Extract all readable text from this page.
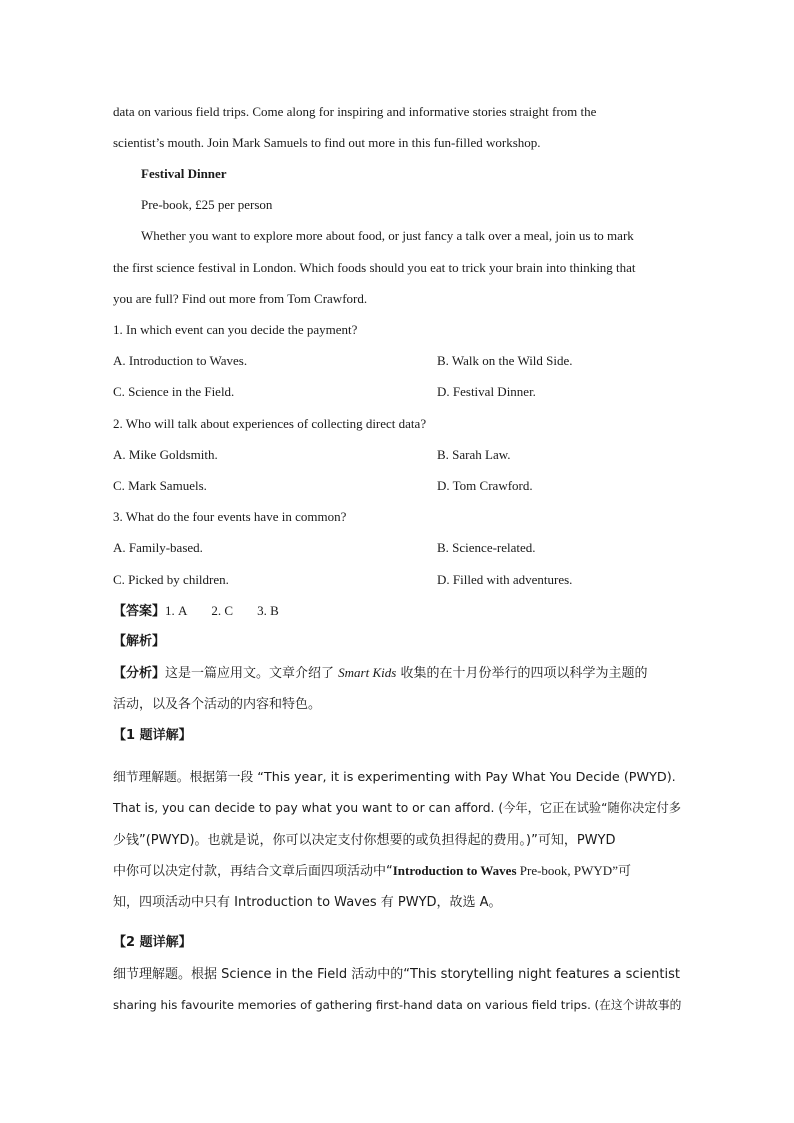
data on various field trips. Come along for inspiring and informative stories straight from the
scientist’s mouth. Join Mark Samuels to find out more in this fun-filled workshop.
Festival Dinner
Pre-book, £25 per person
Whether you want to explore more about food, or just fancy a talk over a meal, join us to mark
the first science festival in London. Which foods should you eat to trick your brain into thinking that
you are full? Find out more from Tom Crawford.
1. In which event can you decide the payment?
A. Introduction to Waves.	B. Walk on the Wild Side.
C. Science in the Field.	D. Festival Dinner.
2. Who will talk about experiences of collecting direct data?
A. Mike Goldsmith.	B. Sarah Law.
C. Mark Samuels.	D. Tom Crawford.
3. What do the four events have in common?
A. Family-based.	B. Science-related.
C. Picked by children.	D. Filled with adventures.
【答案】1. A 2. C 3. B
【解析】
【分析】这是一篇应用文。文章介绍了 Smart Kids 收集的在十月份举行的四项以科学为主题的
活动，以及各个活动的内容和特色。
【1 题详解】
细节理解题。根据第一段 “This year, it is experimenting with Pay What You Decide (PWYD).
That is, you can decide to pay what you want to or can afford. (今年，它正在试验“随你决定付多
少钱”(PWYD)。也就是说，你可以决定支付你想要的或负担得起的费用。)”可知，PWYD
中你可以决定付款，再结合文章后面四项活动中“Introduction to Waves Pre-book, PWYD”可
知，四项活动中只有 Introduction to Waves 有 PWYD，故选 A。
【2 题详解】
细节理解题。根据 Science in the Field 活动中的“This storytelling night features a scientist
sharing his favourite memories of gathering first-hand data on various field trips. (在这个讲故事的
